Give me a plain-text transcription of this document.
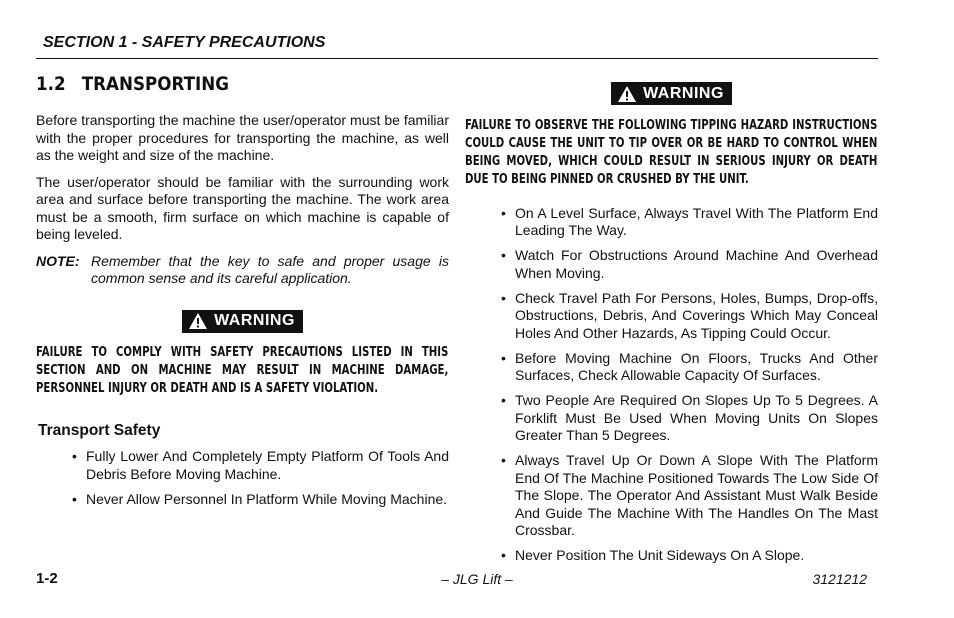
SECTION 1 - SAFETY PRECAUTIONS
1.2 TRANSPORTING

Before transporting the machine the user/operator must be familiar with the proper procedures for transporting the machine, as well as the weight and size of the machine.

The user/operator should be familiar with the surrounding work area and surface before transporting the machine. The work area must be a smooth, firm surface on which machine is capable of being leveled.

NOTE: Remember that the key to safe and proper usage is common sense and its careful application.
WARNING
FAILURE TO COMPLY WITH SAFETY PRECAUTIONS LISTED IN THIS SECTION AND ON MACHINE MAY RESULT IN MACHINE DAMAGE, PERSONNEL INJURY OR DEATH AND IS A SAFETY VIOLATION.
Transport Safety
• Fully Lower And Completely Empty Platform Of Tools And Debris Before Moving Machine.
• Never Allow Personnel In Platform While Moving Machine.
WARNING
FAILURE TO OBSERVE THE FOLLOWING TIPPING HAZARD INSTRUCTIONS COULD CAUSE THE UNIT TO TIP OVER OR BE HARD TO CONTROL WHEN BEING MOVED, WHICH COULD RESULT IN SERIOUS INJURY OR DEATH DUE TO BEING PINNED OR CRUSHED BY THE UNIT.
• On A Level Surface, Always Travel With The Platform End Leading The Way.
• Watch For Obstructions Around Machine And Overhead When Moving.
• Check Travel Path For Persons, Holes, Bumps, Drop-offs, Obstructions, Debris, And Coverings Which May Conceal Holes And Other Hazards, As Tipping Could Occur.
• Before Moving Machine On Floors, Trucks And Other Surfaces, Check Allowable Capacity Of Surfaces.
• Two People Are Required On Slopes Up To 5 Degrees. A Forklift Must Be Used When Moving Units On Slopes Greater Than 5 Degrees.
• Always Travel Up Or Down A Slope With The Platform End Of The Machine Positioned Towards The Low Side Of The Slope. The Operator And Assistant Must Walk Beside And Guide The Machine With The Handles On The Mast Crossbar.
• Never Position The Unit Sideways On A Slope.
1-2	– JLG Lift –	3121212
